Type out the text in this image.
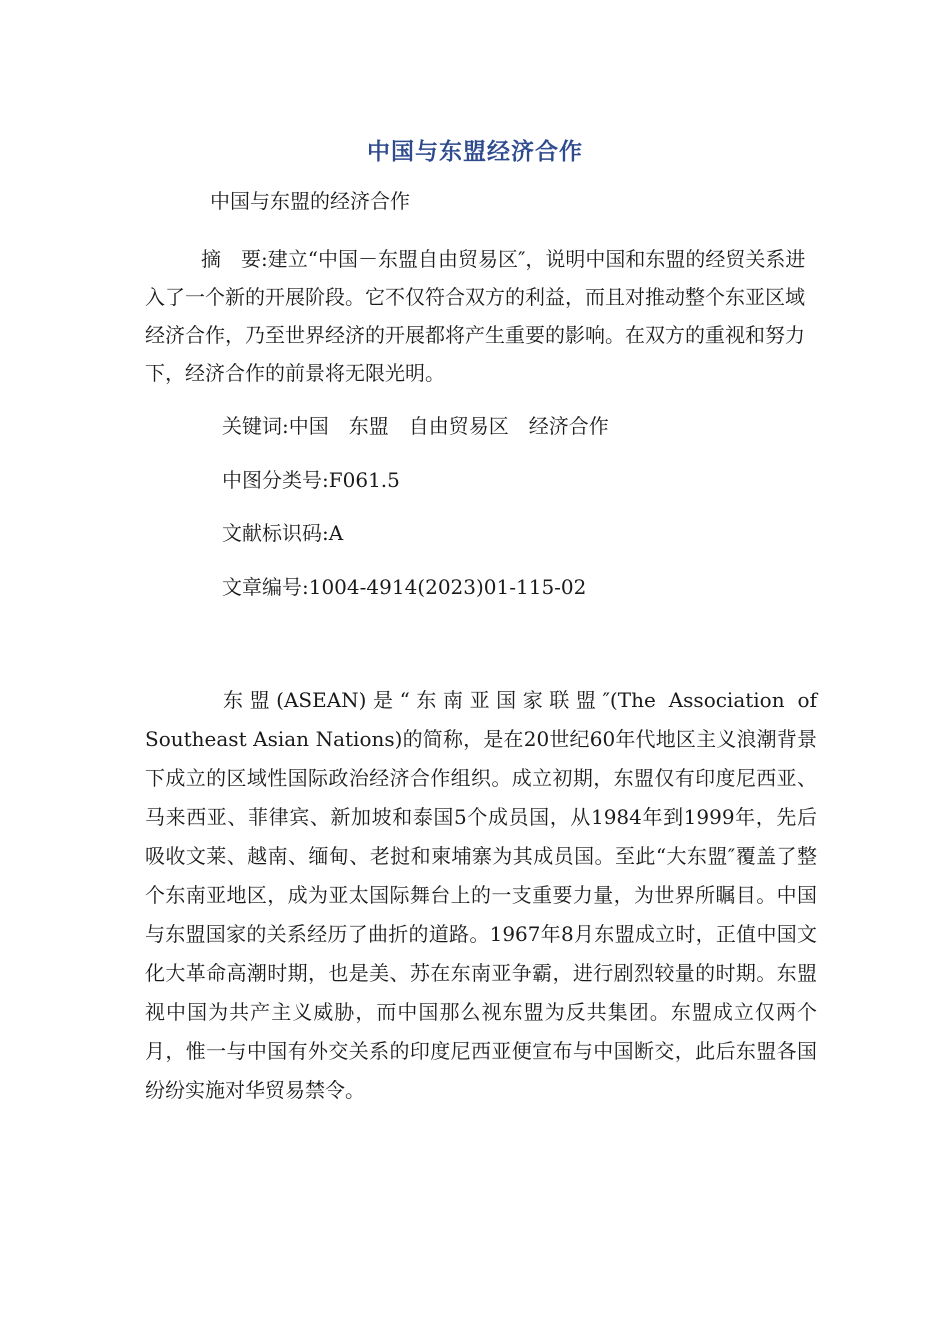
中国与东盟经济合作
中国与东盟的经济合作
摘　要:建立“中国－东盟自由贸易区″，说明中国和东盟的经贸关系进入了一个新的开展阶段。它不仅符合双方的利益，而且对推动整个东亚区域经济合作，乃至世界经济的开展都将产生重要的影响。在双方的重视和努力下，经济合作的前景将无限光明。
关键词:中国　东盟　自由贸易区　经济合作
中图分类号:F061.5
文献标识码:A
文章编号:1004-4914(2023)01-115-02
东盟(ASEAN)是“东南亚国家联盟″(The Association of Southeast Asian Nations)的简称，是在20世纪60年代地区主义浪潮背景下成立的区域性国际政治经济合作组织。成立初期，东盟仅有印度尼西亚、马来西亚、菲律宾、新加坡和泰国5个成员国，从1984年到1999年，先后吸收文莱、越南、缅甸、老挝和柬埔寨为其成员国。至此“大东盟″覆盖了整个东南亚地区，成为亚太国际舞台上的一支重要力量，为世界所瞩目。中国与东盟国家的关系经历了曲折的道路。1967年8月东盟成立时，正值中国文化大革命高潮时期，也是美、苏在东南亚争霸，进行剧烈较量的时期。东盟视中国为共产主义威胁，而中国那么视东盟为反共集团。东盟成立仅两个月，惟一与中国有外交关系的印度尼西亚便宣布与中国断交，此后东盟各国纷纷实施对华贸易禁令。
